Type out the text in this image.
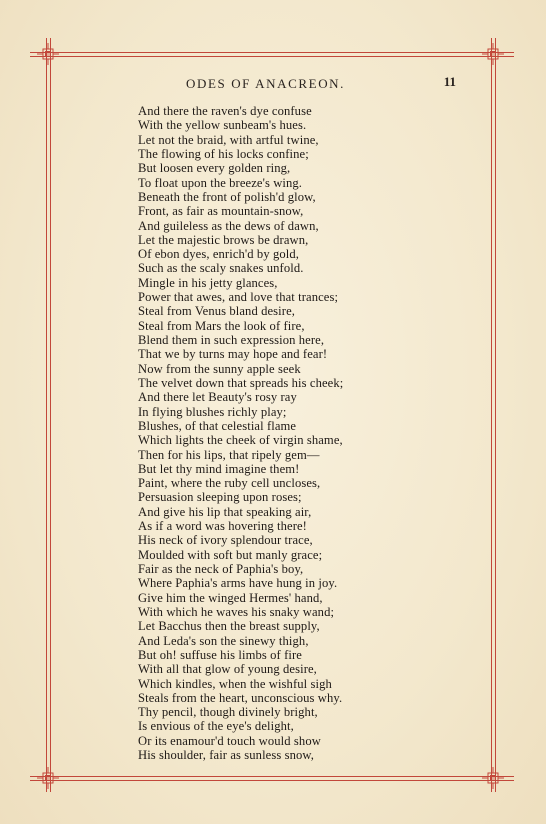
ODES OF ANACREON.	11
And there the raven's dye confuse
With the yellow sunbeam's hues.
Let not the braid, with artful twine,
The flowing of his locks confine;
But loosen every golden ring,
To float upon the breeze's wing.
Beneath the front of polish'd glow,
Front, as fair as mountain-snow,
And guileless as the dews of dawn,
Let the majestic brows be drawn,
Of ebon dyes, enrich'd by gold,
Such as the scaly snakes unfold.
Mingle in his jetty glances,
Power that awes, and love that trances;
Steal from Venus bland desire,
Steal from Mars the look of fire,
Blend them in such expression here,
That we by turns may hope and fear!
Now from the sunny apple seek
The velvet down that spreads his cheek;
And there let Beauty's rosy ray
In flying blushes richly play;
Blushes, of that celestial flame
Which lights the cheek of virgin shame,
Then for his lips, that ripely gem—
But let thy mind imagine them!
Paint, where the ruby cell uncloses,
Persuasion sleeping upon roses;
And give his lip that speaking air,
As if a word was hovering there!
His neck of ivory splendour trace,
Moulded with soft but manly grace;
Fair as the neck of Paphia's boy,
Where Paphia's arms have hung in joy.
Give him the winged Hermes' hand,
With which he waves his snaky wand;
Let Bacchus then the breast supply,
And Leda's son the sinewy thigh,
But oh! suffuse his limbs of fire
With all that glow of young desire,
Which kindles, when the wishful sigh
Steals from the heart, unconscious why.
Thy pencil, though divinely bright,
Is envious of the eye's delight,
Or its enamour'd touch would show
His shoulder, fair as sunless snow,
